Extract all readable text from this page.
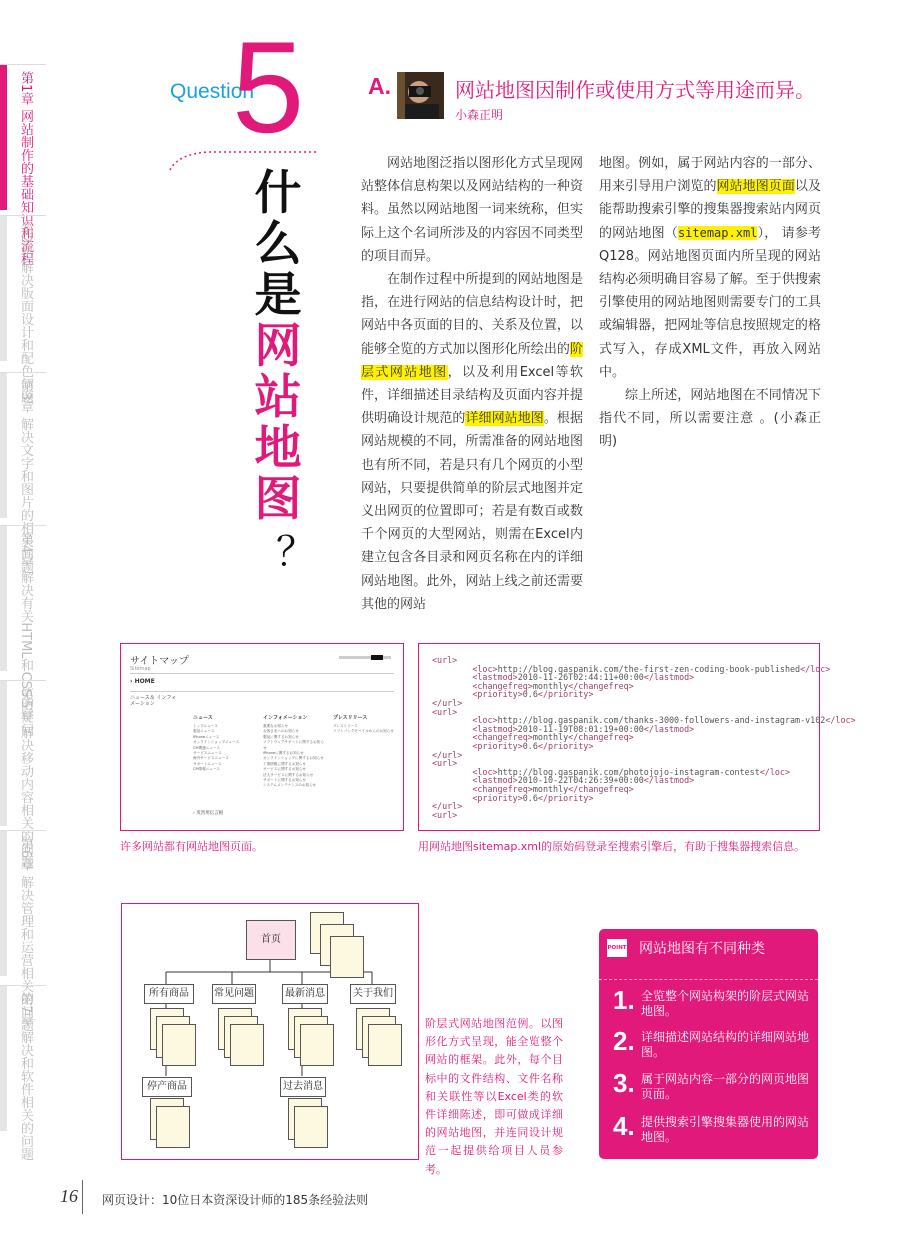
第1章 网站制作的基础知识和流程
第2章 解决版面设计和配色问题
第3章 解决文字和图片的相关问题
第4章 解决有关HTML和CSS的疑问
第5章 解决移动内容相关的问题
第6章 解决管理和运营相关的问题
第7章 解决和软件相关的问题
Question
5
什
么
是
网
站
地
图
？
A.	网站地图因制作或使用方式等用途而异。
小森正明

网站地图泛指以图形化方式呈现网站整体信息构架以及网站结构的一种资料。虽然以网站地图一词来统称，但实际上这个名词所涉及的内容因不同类型的项目而异。

在制作过程中所提到的网站地图是指，在进行网站的信息结构设计时，把网站中各页面的目的、关系及位置，以能够全览的方式加以图形化所绘出的阶层式网站地图，以及利用Excel等软件，详细描述目录结构及页面内容并提供明确设计规范的详细网站地图。根据网站规模的不同，所需准备的网站地图也有所不同，若是只有几个网页的小型网站，只要提供简单的阶层式地图并定义出网页的位置即可；若是有数百或数千个网页的大型网站，则需在Excel内建立包含各目录和网页名称在内的详细网站地图。此外，网站上线之前还需要其他的网站

地图。例如，属于网站内容的一部分、用来引导用户浏览的网站地图页面以及能帮助搜索引擎的搜集器搜索站内网页的网站地图（sitemap.xml）， 请参考Q128。网站地图页面内所呈现的网站结构必须明确目容易了解。至于供搜索引擎使用的网站地图则需要专门的工具或编辑器，把网址等信息按照规定的格式写入，存成XML文件，再放入网站中。

综上所述，网站地图在不同情况下指代不同，所以需要注意 。(小森正明)

サイトマップ
Sitemap
› HOME
ニュース＆ インフォメーション
ニュース
トップニュース
製品ニュース
iPhoneニュース
オンラインショップニュース
CM関連ニュース
サービスニュース
海外サービスニュース
サポートニュース
CM情報ニュース
インフォメーション
重要なお知らせ
お客さまへのお知らせ
製品に関するお知らせ
ソフトウェアサポートに関するお知らせ
iPhoneに関するお知らせ
オンラインショップに関するお知らせ
工事情報に関するお知らせ
サービスに関するお知らせ
法人サービスに関するお知らせ
サポートに関するお知らせ
システムメンテナンスのお知らせ
プレスリリース
プレスリリース
ソフトバンクモバイルからのお知らせ
› 災害用伝言板
许多网站都有网站地图页面。
<url>
<loc>http://blog.gaspanik.com/the-first-zen-coding-book-published</loc>
<lastmod>2010-11-26T02:44:11+00:00</lastmod>
<changefreq>monthly</changefreq>
<priority>0.6</priority>
</url>
<url>
<loc>http://blog.gaspanik.com/thanks-3000-followers-and-instagram-v102</loc>
<lastmod>2010-11-19T08:01:19+00:00</lastmod>
<changefreq>monthly</changefreq>
<priority>0.6</priority>
</url>
<url>
<loc>http://blog.gaspanik.com/photojojo-instagram-contest</loc>
<lastmod>2010-10-22T04:26:39+00:00</lastmod>
<changefreq>monthly</changefreq>
<priority>0.6</priority>
</url>
<url>
用网站地图sitemap.xml的原始码登录至搜索引擎后，有助于搜集器搜索信息。
首页
所有商品	常见问题	最新消息	关于我们
停产商品	过去消息
阶层式网站地图范例。以图形化方式呈现，能全览整个网站的框架。此外，每个目标中的文件结构、文件名称和关联性等以Excel类的软件详细陈述，即可做成详细的网站地图，并连同设计规范一起提供给项目人员参考。
POINT 网站地图有不同种类
1. 全览整个网站构架的阶层式网站地图。
2. 详细描述网站结构的详细网站地图。
3. 属于网站内容一部分的网页地图页面。
4. 提供搜索引擎搜集器使用的网站地图。
16 网页设计：10位日本资深设计师的185条经验法则
